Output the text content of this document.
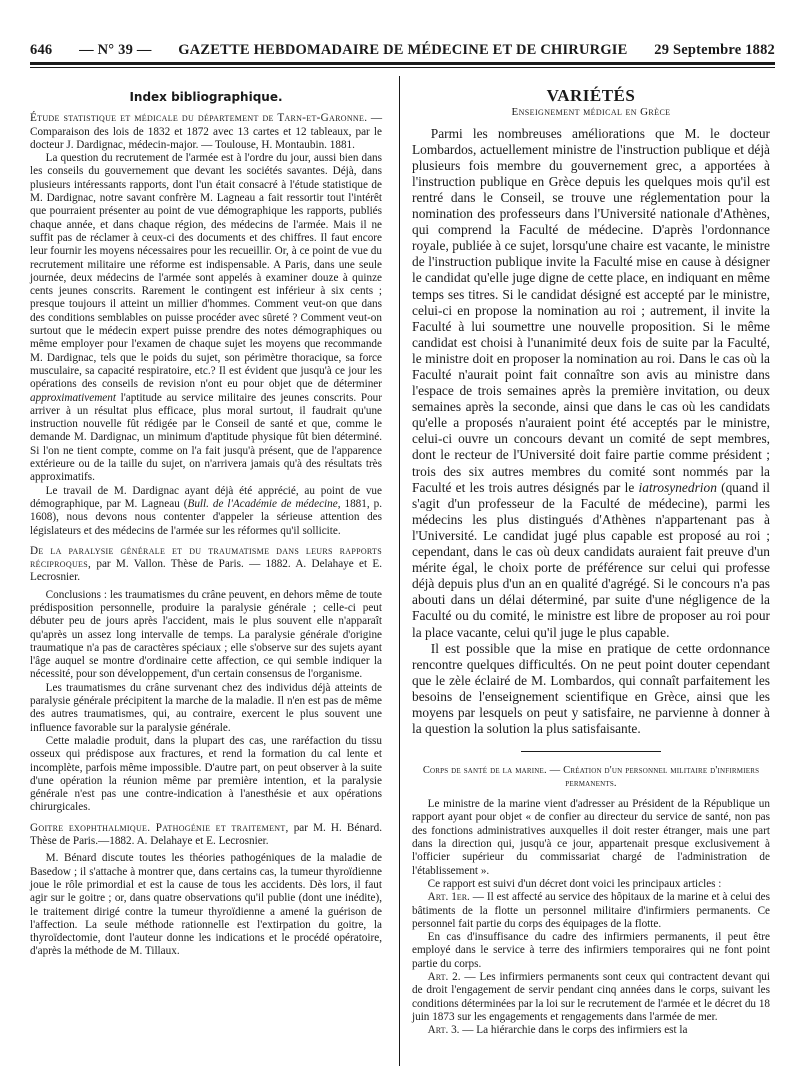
646 — N° 39 — GAZETTE HEBDOMADAIRE DE MÉDECINE ET DE CHIRURGIE 29 Septembre 1882
Index bibliographique.

Étude statistique et médicale du département de Tarn-et-Garonne. — Comparaison des lois de 1832 et 1872 avec 13 cartes et 12 tableaux, par le docteur J. Dardignac, médecin-major. — Toulouse, H. Montaubin. 1881.

La question du recrutement de l'armée est à l'ordre du jour, aussi bien dans les conseils du gouvernement que devant les sociétés savantes. Déjà, dans plusieurs intéressants rapports, dont l'un était consacré à l'étude statistique de M. Dardignac, notre savant confrère M. Lagneau a fait ressortir tout l'intérêt que pourraient présenter au point de vue démographique les rapports, publiés chaque année, et dans chaque région, des médecins de l'armée. Mais il ne suffit pas de réclamer à ceux-ci des documents et des chiffres. Il faut encore leur fournir les moyens nécessaires pour les recueillir. Or, à ce point de vue du recrutement militaire une réforme est indispensable. A Paris, dans une seule journée, deux médecins de l'armée sont appelés à examiner douze à quinze cents jeunes conscrits. Rarement le contingent est inférieur à six cents ; presque toujours il atteint un millier d'hommes. Comment veut-on que dans des conditions semblables on puisse procéder avec sûreté ? Comment veut-on surtout que le médecin expert puisse prendre des notes démographiques ou même employer pour l'examen de chaque sujet les moyens que recommande M. Dardignac, tels que le poids du sujet, son périmètre thoracique, sa force musculaire, sa capacité respiratoire, etc.? Il est évident que jusqu'à ce jour les opérations des conseils de revision n'ont eu pour objet que de déterminer approximativement l'aptitude au service militaire des jeunes conscrits. Pour arriver à un résultat plus efficace, plus moral surtout, il faudrait qu'une instruction nouvelle fût rédigée par le Conseil de santé et que, comme le demande M. Dardignac, un minimum d'aptitude physique fût bien déterminé. Si l'on ne tient compte, comme on l'a fait jusqu'à présent, que de l'apparence extérieure ou de la taille du sujet, on n'arrivera jamais qu'à des résultats très approximatifs.

Le travail de M. Dardignac ayant déjà été apprécié, au point de vue démographique, par M. Lagneau (Bull. de l'Académie de médecine, 1881, p. 1608), nous devons nous contenter d'appeler la sérieuse attention des législateurs et des médecins de l'armée sur les réformes qu'il sollicite.

De la paralysie générale et du traumatisme dans leurs rapports réciproques, par M. Vallon. Thèse de Paris. — 1882. A. Delahaye et E. Lecrosnier.

Conclusions : les traumatismes du crâne peuvent, en dehors même de toute prédisposition personnelle, produire la paralysie générale ; celle-ci peut débuter peu de jours après l'accident, mais le plus souvent elle n'apparaît qu'après un assez long intervalle de temps. La paralysie générale d'origine traumatique n'a pas de caractères spéciaux ; elle s'observe sur des sujets ayant l'âge auquel se montre d'ordinaire cette affection, ce qui semble indiquer la nécessité, pour son développement, d'un certain consensus de l'organisme.

Les traumatismes du crâne survenant chez des individus déjà atteints de paralysie générale précipitent la marche de la maladie. Il n'en est pas de même des autres traumatismes, qui, au contraire, exercent le plus souvent une influence favorable sur la paralysie générale.

Cette maladie produit, dans la plupart des cas, une raréfaction du tissu osseux qui prédispose aux fractures, et rend la formation du cal lente et incomplète, parfois même impossible. D'autre part, on peut observer à la suite d'une opération la réunion même par première intention, et la paralysie générale n'est pas une contre-indication à l'anesthésie et aux opérations chirurgicales.

Goitre exophthalmique. Pathogénie et traitement, par M. H. Bénard. Thèse de Paris.—1882. A. Delahaye et E. Lecrosnier.

M. Bénard discute toutes les théories pathogéniques de la maladie de Basedow ; il s'attache à montrer que, dans certains cas, la tumeur thyroïdienne joue le rôle primordial et est la cause de tous les accidents. Dès lors, il faut agir sur le goitre ; or, dans quatre observations qu'il publie (dont une inédite), le traitement dirigé contre la tumeur thyroïdienne a amené la guérison de l'affection. La seule méthode rationnelle est l'extirpation du goitre, la thyroïdectomie, dont l'auteur donne les indications et le procédé opératoire, d'après la méthode de M. Tillaux.

VARIÉTÉS
Enseignement médical en Grèce

Parmi les nombreuses améliorations que M. le docteur Lombardos, actuellement ministre de l'instruction publique et déjà plusieurs fois membre du gouvernement grec, a apportées à l'instruction publique en Grèce depuis les quelques mois qu'il est rentré dans le Conseil, se trouve une réglementation pour la nomination des professeurs dans l'Université nationale d'Athènes, qui comprend la Faculté de médecine. D'après l'ordonnance royale, publiée à ce sujet, lorsqu'une chaire est vacante, le ministre de l'instruction publique invite la Faculté mise en cause à désigner le candidat qu'elle juge digne de cette place, en indiquant en même temps ses titres. Si le candidat désigné est accepté par le ministre, celui-ci en propose la nomination au roi ; autrement, il invite la Faculté à lui soumettre une nouvelle proposition. Si le même candidat est choisi à l'unanimité deux fois de suite par la Faculté, le ministre doit en proposer la nomination au roi. Dans le cas où la Faculté n'aurait point fait connaître son avis au ministre dans l'espace de trois semaines après la première invitation, ou deux semaines après la seconde, ainsi que dans le cas où les candidats qu'elle a proposés n'auraient point été acceptés par le ministre, celui-ci ouvre un concours devant un comité de sept membres, dont le recteur de l'Université doit faire partie comme président ; trois des six autres membres du comité sont nommés par la Faculté et les trois autres désignés par le iatrosynedrion (quand il s'agit d'un professeur de la Faculté de médecine), parmi les médecins les plus distingués d'Athènes n'appartenant pas à l'Université. Le candidat jugé plus capable est proposé au roi ; cependant, dans le cas où deux candidats auraient fait preuve d'un mérite égal, le choix porte de préférence sur celui qui professe déjà depuis plus d'un an en qualité d'agrégé. Si le concours n'a pas abouti dans un délai déterminé, par suite d'une négligence de la Faculté ou du comité, le ministre est libre de proposer au roi pour la place vacante, celui qu'il juge le plus capable.

Il est possible que la mise en pratique de cette ordonnance rencontre quelques difficultés. On ne peut point douter cependant que le zèle éclairé de M. Lombardos, qui connaît parfaitement les besoins de l'enseignement scientifique en Grèce, ainsi que les moyens par lesquels on peut y satisfaire, ne parvienne à donner à la question la solution la plus satisfaisante.

Corps de santé de la marine. — Création d'un personnel militaire d'infirmiers permanents.

Le ministre de la marine vient d'adresser au Président de la République un rapport ayant pour objet « de confier au directeur du service de santé, non pas des fonctions administratives auxquelles il doit rester étranger, mais une part dans la direction qui, jusqu'à ce jour, appartenait presque exclusivement à l'officier supérieur du commissariat chargé de l'administration de l'établissement ».

Ce rapport est suivi d'un décret dont voici les principaux articles :

Art. 1er. — Il est affecté au service des hôpitaux de la marine et à celui des bâtiments de la flotte un personnel militaire d'infirmiers permanents. Ce personnel fait partie du corps des équipages de la flotte.

En cas d'insuffisance du cadre des infirmiers permanents, il peut être employé dans le service à terre des infirmiers temporaires qui ne font point partie du corps.

Art. 2. — Les infirmiers permanents sont ceux qui contractent devant qui de droit l'engagement de servir pendant cinq années dans le corps, suivant les conditions déterminées par la loi sur le recrutement de l'armée et le décret du 18 juin 1873 sur les engagements et rengagements dans l'armée de mer.

Art. 3. — La hiérarchie dans le corps des infirmiers est la
